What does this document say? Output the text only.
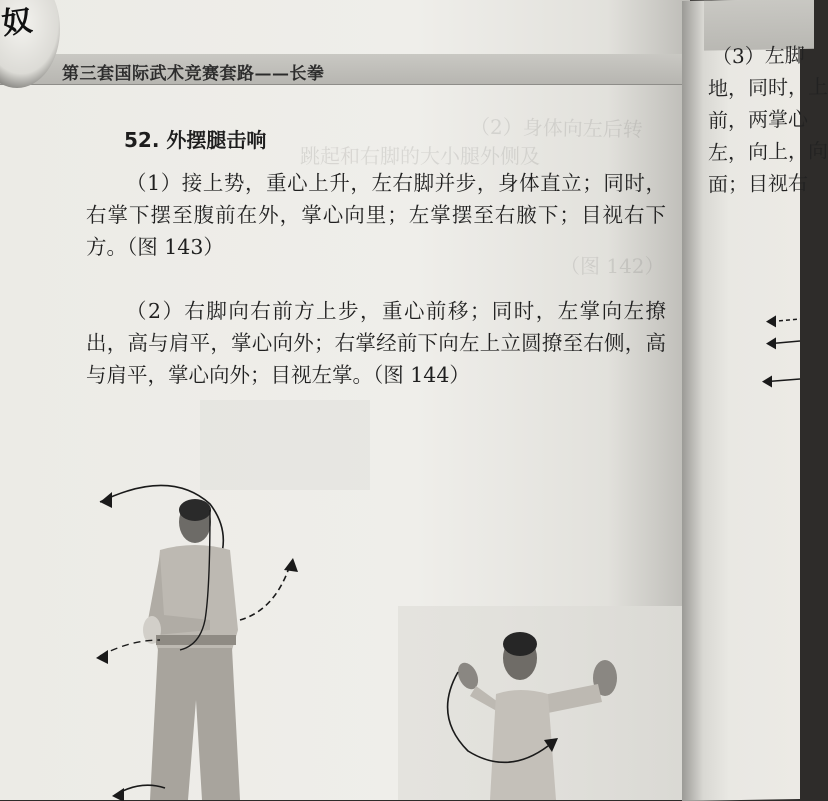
第三套国际武术竞赛套路——长拳
奴
（2）身体向左后转
跳起和右脚的大小腿外侧及
（图 142）
52. 外摆腿击响

（1）接上势，重心上升，左右脚并步，身体直立；同时，右掌下摆至腹前在外，掌心向里；左掌摆至右腋下；目视右下方。（图 143）

（2）右脚向右前方上步，重心前移；同时，左掌向左撩出，高与肩平，掌心向外；右掌经前下向左上立圆撩至右侧，高与肩平，掌心向外；目视左掌。（图 144）

（3）左脚
地，同时，上
前，两掌心
左，向上，向
面；目视右
